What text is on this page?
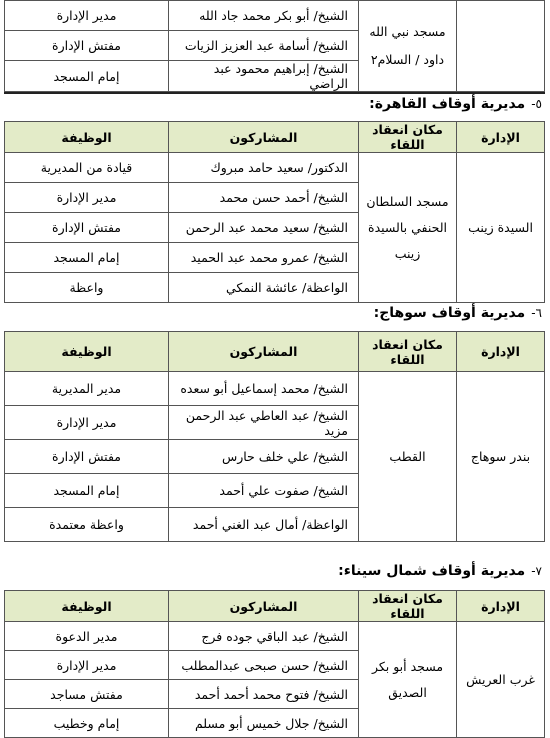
	مسجد نبي الله داود / السلام٢	الشيخ/ أبو بكر محمد جاد الله	مدير الإدارة
		الشيخ/ أسامة عبد العزيز الزيات	مفتش الإدارة
		الشيخ/ إبراهيم محمود عبد الراضي	إمام المسجد
٥-مديرية أوقاف القاهرة:
الإدارة	مكان انعقاد اللقاء	المشاركون	الوظيفة
السيدة زينب	مسجد السلطان الحنفي بالسيدة زينب	الدكتور/ سعيد حامد مبروك	قيادة من المديرية
		الشيخ/ أحمد حسن محمد	مدير الإدارة
		الشيخ/ سعيد محمد عبد الرحمن	مفتش الإدارة
		الشيخ/ عمرو محمد عبد الحميد	إمام المسجد
		الواعظة/ عائشة النمكي	واعظة
٦-مديرية أوقاف سوهاج:
الإدارة	مكان انعقاد اللقاء	المشاركون	الوظيفة
بندر سوهاج	القطب	الشيخ/ محمد إسماعيل أبو سعده	مدير المديرية
		الشيخ/ عبد العاطي عبد الرحمن مزيد	مدير الإدارة
		الشيخ/ علي خلف حارس	مفتش الإدارة
		الشيخ/ صفوت علي أحمد	إمام المسجد
		الواعظة/ أمال عبد الغني أحمد	واعظة معتمدة
٧-مديرية أوقاف شمال سيناء:
الإدارة	مكان انعقاد اللقاء	المشاركون	الوظيفة
غرب العريش	مسجد أبو بكر الصديق	الشيخ/ عبد الباقي جوده فرج	مدير الدعوة
		الشيخ/ حسن صبحى عبدالمطلب	مدير الإدارة
		الشيخ/ فتوح محمد أحمد أحمد	مفتش مساجد
		الشيخ/ جلال خميس أبو مسلم	إمام وخطيب
